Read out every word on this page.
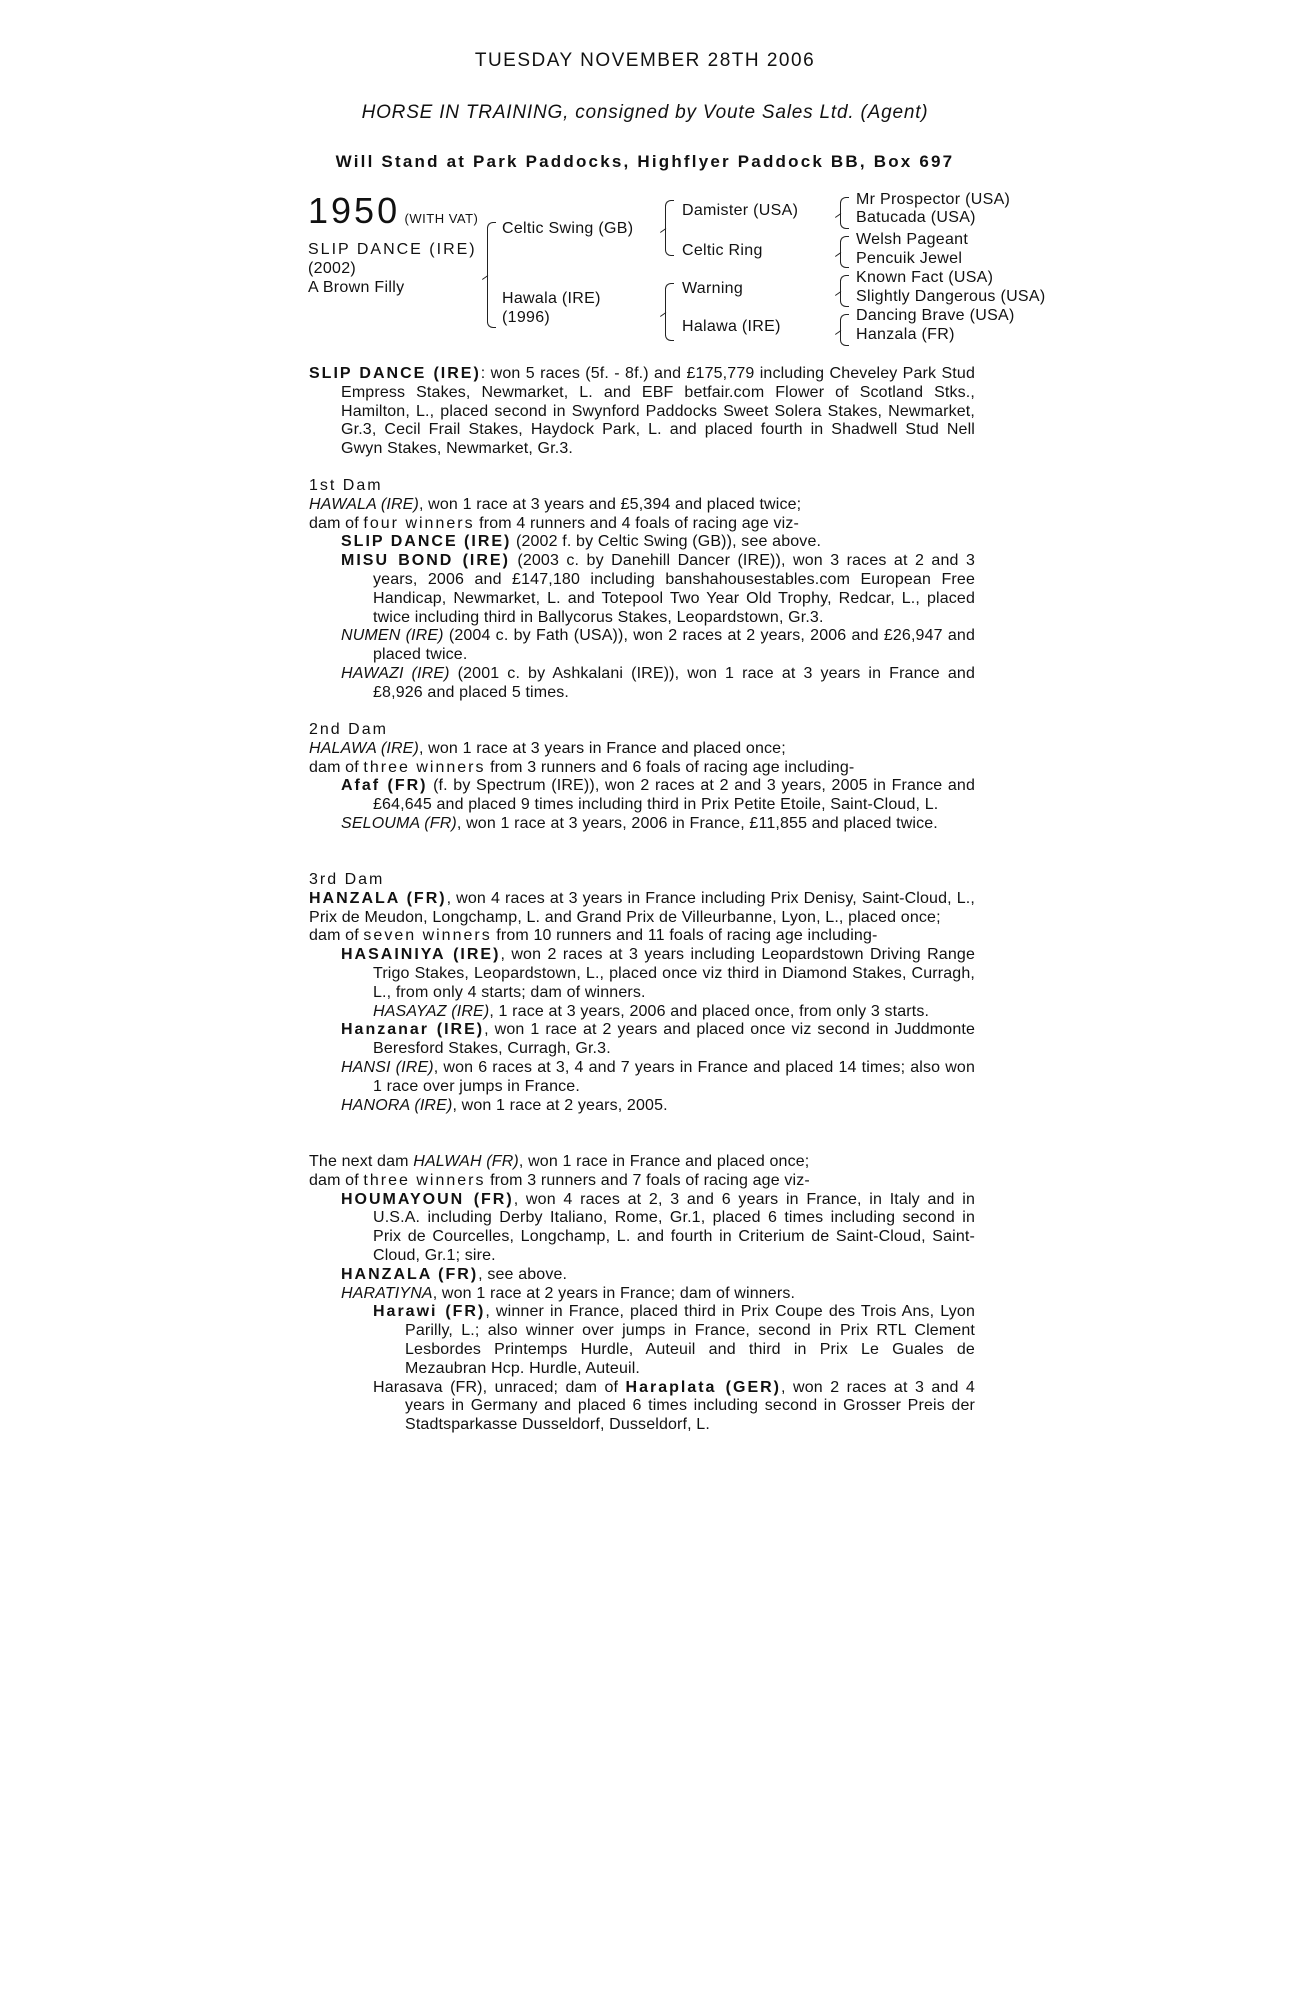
TUESDAY NOVEMBER 28TH 2006
HORSE IN TRAINING, consigned by Voute Sales Ltd. (Agent)
Will Stand at Park Paddocks, Highflyer Paddock BB, Box 697
1950 (WITH VAT)
SLIP DANCE (IRE)
(2002)
A Brown Filly
Celtic Swing (GB)
Hawala (IRE)
(1996)
Damister (USA)
Celtic Ring
Warning
Halawa (IRE)
Mr Prospector (USA)
Batucada (USA)
Welsh Pageant
Pencuik Jewel
Known Fact (USA)
Slightly Dangerous (USA)
Dancing Brave (USA)
Hanzala (FR)

SLIP DANCE (IRE): won 5 races (5f. - 8f.) and £175,779 including Cheveley Park Stud Empress Stakes, Newmarket, L. and EBF betfair.com Flower of Scotland Stks., Hamilton, L., placed second in Swynford Paddocks Sweet Solera Stakes, Newmarket, Gr.3, Cecil Frail Stakes, Haydock Park, L. and placed fourth in Shadwell Stud Nell Gwyn Stakes, Newmarket, Gr.3.

1st Dam

HAWALA (IRE), won 1 race at 3 years and £5,394 and placed twice;

dam of four winners from 4 runners and 4 foals of racing age viz-

SLIP DANCE (IRE) (2002 f. by Celtic Swing (GB)), see above.

MISU BOND (IRE) (2003 c. by Danehill Dancer (IRE)), won 3 races at 2 and 3 years, 2006 and £147,180 including banshahousestables.com European Free Handicap, Newmarket, L. and Totepool Two Year Old Trophy, Redcar, L., placed twice including third in Ballycorus Stakes, Leopardstown, Gr.3.

NUMEN (IRE) (2004 c. by Fath (USA)), won 2 races at 2 years, 2006 and £26,947 and placed twice.

HAWAZI (IRE) (2001 c. by Ashkalani (IRE)), won 1 race at 3 years in France and £8,926 and placed 5 times.

2nd Dam

HALAWA (IRE), won 1 race at 3 years in France and placed once;

dam of three winners from 3 runners and 6 foals of racing age including-

Afaf (FR) (f. by Spectrum (IRE)), won 2 races at 2 and 3 years, 2005 in France and £64,645 and placed 9 times including third in Prix Petite Etoile, Saint-Cloud, L.

SELOUMA (FR), won 1 race at 3 years, 2006 in France, £11,855 and placed twice.

3rd Dam

HANZALA (FR), won 4 races at 3 years in France including Prix Denisy, Saint-Cloud, L., Prix de Meudon, Longchamp, L. and Grand Prix de Villeurbanne, Lyon, L., placed once;

dam of seven winners from 10 runners and 11 foals of racing age including-

HASAINIYA (IRE), won 2 races at 3 years including Leopardstown Driving Range Trigo Stakes, Leopardstown, L., placed once viz third in Diamond Stakes, Curragh, L., from only 4 starts; dam of winners.

HASAYAZ (IRE), 1 race at 3 years, 2006 and placed once, from only 3 starts.

Hanzanar (IRE), won 1 race at 2 years and placed once viz second in Juddmonte Beresford Stakes, Curragh, Gr.3.

HANSI (IRE), won 6 races at 3, 4 and 7 years in France and placed 14 times; also won 1 race over jumps in France.

HANORA (IRE), won 1 race at 2 years, 2005.

The next dam HALWAH (FR), won 1 race in France and placed once;

dam of three winners from 3 runners and 7 foals of racing age viz-

HOUMAYOUN (FR), won 4 races at 2, 3 and 6 years in France, in Italy and in U.S.A. including Derby Italiano, Rome, Gr.1, placed 6 times including second in Prix de Courcelles, Longchamp, L. and fourth in Criterium de Saint-Cloud, Saint-Cloud, Gr.1; sire.

HANZALA (FR), see above.

HARATIYNA, won 1 race at 2 years in France; dam of winners.

Harawi (FR), winner in France, placed third in Prix Coupe des Trois Ans, Lyon Parilly, L.; also winner over jumps in France, second in Prix RTL Clement Lesbordes Printemps Hurdle, Auteuil and third in Prix Le Guales de Mezaubran Hcp. Hurdle, Auteuil.

Harasava (FR), unraced; dam of Haraplata (GER), won 2 races at 3 and 4 years in Germany and placed 6 times including second in Grosser Preis der Stadtsparkasse Dusseldorf, Dusseldorf, L.
